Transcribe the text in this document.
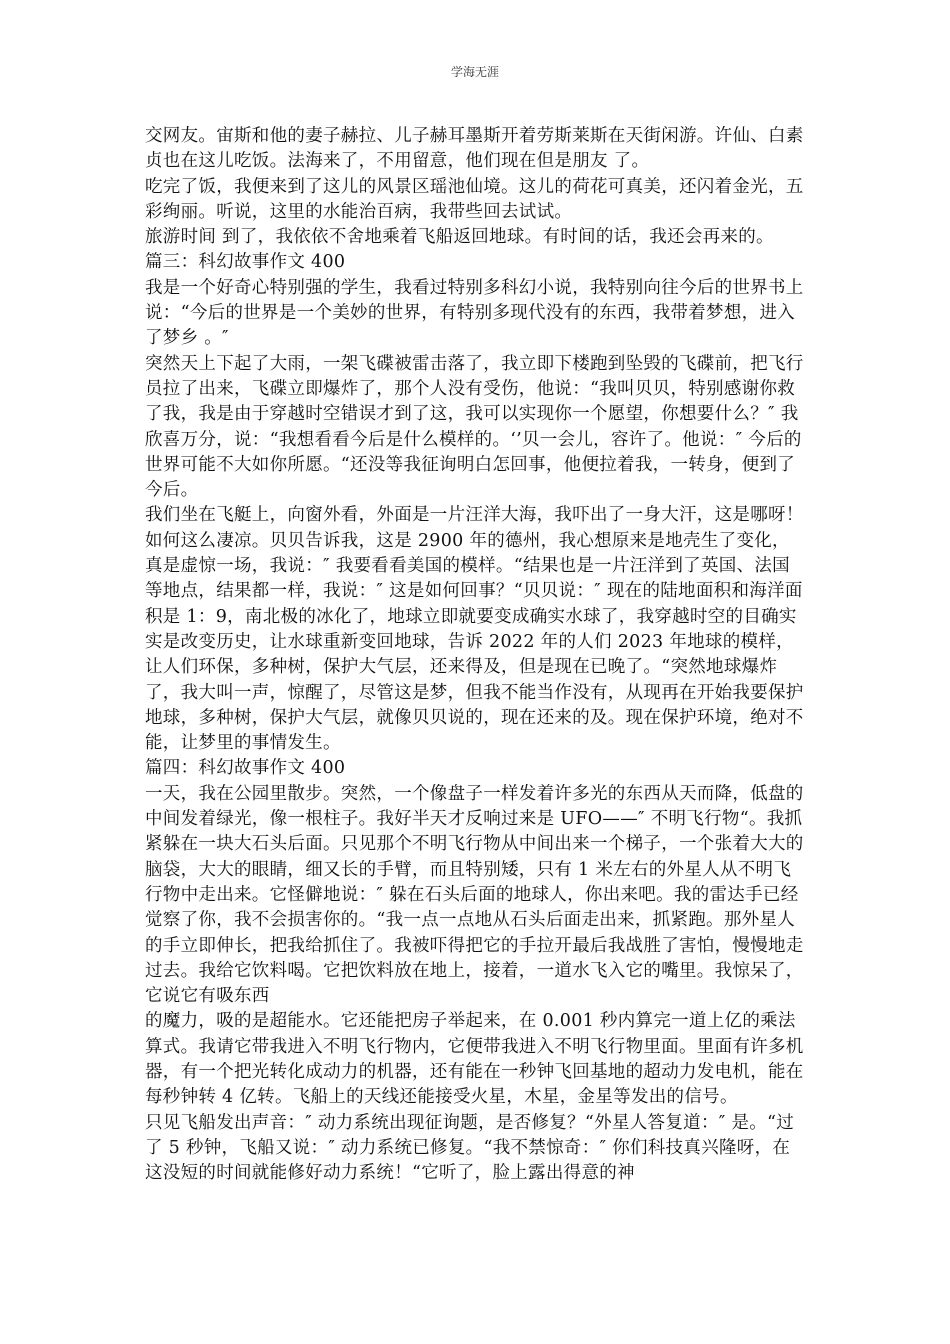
学海无涯

交网友。宙斯和他的妻子赫拉、儿子赫耳墨斯开着劳斯莱斯在天街闲游。许仙、白素贞也在这儿吃饭。法海来了，不用留意，他们现在但是朋友 了。

吃完了饭，我便来到了这儿的风景区瑶池仙境。这儿的荷花可真美，还闪着金光，五彩绚丽。听说，这里的水能治百病，我带些回去试试。

旅游时间 到了，我依依不舍地乘着飞船返回地球。有时间的话，我还会再来的。

篇三：科幻故事作文 400

我是一个好奇心特别强的学生，我看过特别多科幻小说，我特别向往今后的世界书上说：“今后的世界是一个美妙的世界，有特别多现代没有的东西，我带着梦想，进入了梦乡 。″

突然天上下起了大雨，一架飞碟被雷击落了，我立即下楼跑到坠毁的飞碟前，把飞行员拉了出来，飞碟立即爆炸了，那个人没有受伤，他说：“我叫贝贝，特别感谢你救了我，我是由于穿越时空错误才到了这，我可以实现你一个愿望，你想要什么？″ 我欣喜万分，说：“我想看看今后是什么模样的。‘’贝一会儿，容许了。他说：″ 今后的世界可能不大如你所愿。“还没等我征询明白怎回事，他便拉着我，一转身，便到了今后。

我们坐在飞艇上，向窗外看，外面是一片汪洋大海，我吓出了一身大汗，这是哪呀！如何这么凄凉。贝贝告诉我，这是 2900 年的德州，我心想原来是地壳生了变化，真是虚惊一场，我说：″ 我要看看美国的模样。“结果也是一片汪洋到了英国、法国等地点，结果都一样，我说：″ 这是如何回事？“贝贝说：″ 现在的陆地面积和海洋面积是 1：9，南北极的冰化了，地球立即就要变成确实水球了，我穿越时空的目确实实是改变历史，让水球重新变回地球，告诉 2022 年的人们 2023 年地球的模样，让人们环保，多种树，保护大气层，还来得及，但是现在已晚了。“突然地球爆炸了，我大叫一声，惊醒了，尽管这是梦，但我不能当作没有，从现再在开始我要保护地球，多种树，保护大气层，就像贝贝说的，现在还来的及。现在保护环境，绝对不能，让梦里的事情发生。

篇四：科幻故事作文 400

一天，我在公园里散步。突然，一个像盘子一样发着许多光的东西从天而降，低盘的中间发着绿光，像一根柱子。我好半天才反响过来是 UFO——″ 不明飞行物“。我抓紧躲在一块大石头后面。只见那个不明飞行物从中间出来一个梯子，一个张着大大的脑袋，大大的眼睛，细又长的手臂，而且特别矮，只有 1 米左右的外星人从不明飞行物中走出来。它怪僻地说：″ 躲在石头后面的地球人，你出来吧。我的雷达手已经觉察了你，我不会损害你的。“我一点一点地从石头后面走出来，抓紧跑。那外星人的手立即伸长，把我给抓住了。我被吓得把它的手拉开最后我战胜了害怕，慢慢地走过去。我给它饮料喝。它把饮料放在地上，接着，一道水飞入它的嘴里。我惊呆了，它说它有吸东西

的魔力，吸的是超能水。它还能把房子举起来，在 0.001 秒内算完一道上亿的乘法算式。我请它带我进入不明飞行物内，它便带我进入不明飞行物里面。里面有许多机器，有一个把光转化成动力的机器，还有能在一秒钟飞回基地的超动力发电机，能在每秒钟转 4 亿转。飞船上的天线还能接受火星，木星，金星等发出的信号。

只见飞船发出声音：″ 动力系统出现征询题，是否修复？“外星人答复道：″ 是。“过了 5 秒钟，飞船又说：″ 动力系统已修复。“我不禁惊奇：″ 你们科技真兴隆呀，在这没短的时间就能修好动力系统！“它听了，脸上露出得意的神
